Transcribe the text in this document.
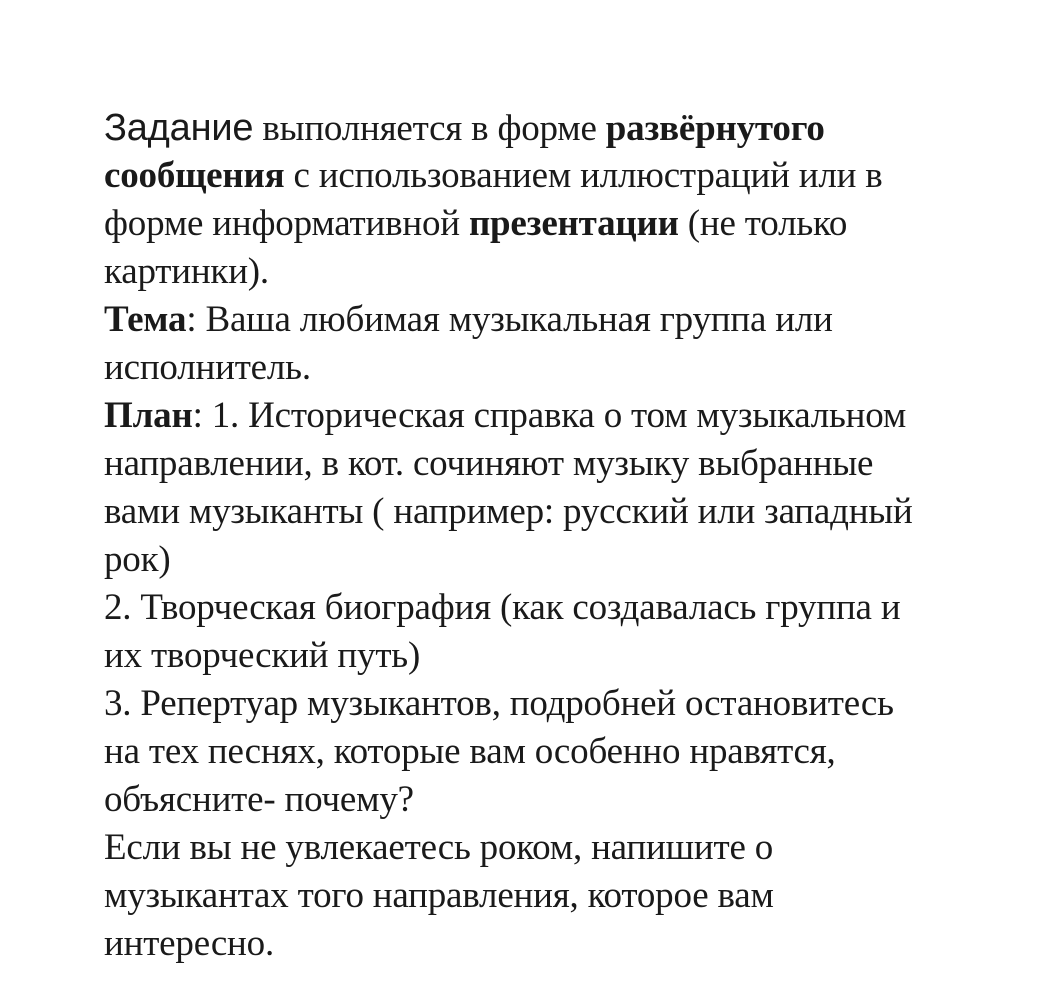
Задание выполняется в форме развёрнутого
сообщения с использованием иллюстраций или в
форме информативной презентации (не только
картинки).
Тема: Ваша любимая музыкальная группа или
исполнитель.
План: 1. Историческая справка о том музыкальном
направлении, в кот. сочиняют музыку выбранные
вами музыканты ( например: русский или западный
рок)
2. Творческая биография (как создавалась группа и
их творческий путь)
3. Репертуар музыкантов, подробней остановитесь
на тех песнях, которые вам особенно нравятся,
объясните- почему?
Если вы не увлекаетесь роком, напишите о
музыкантах того направления, которое вам
интересно.
